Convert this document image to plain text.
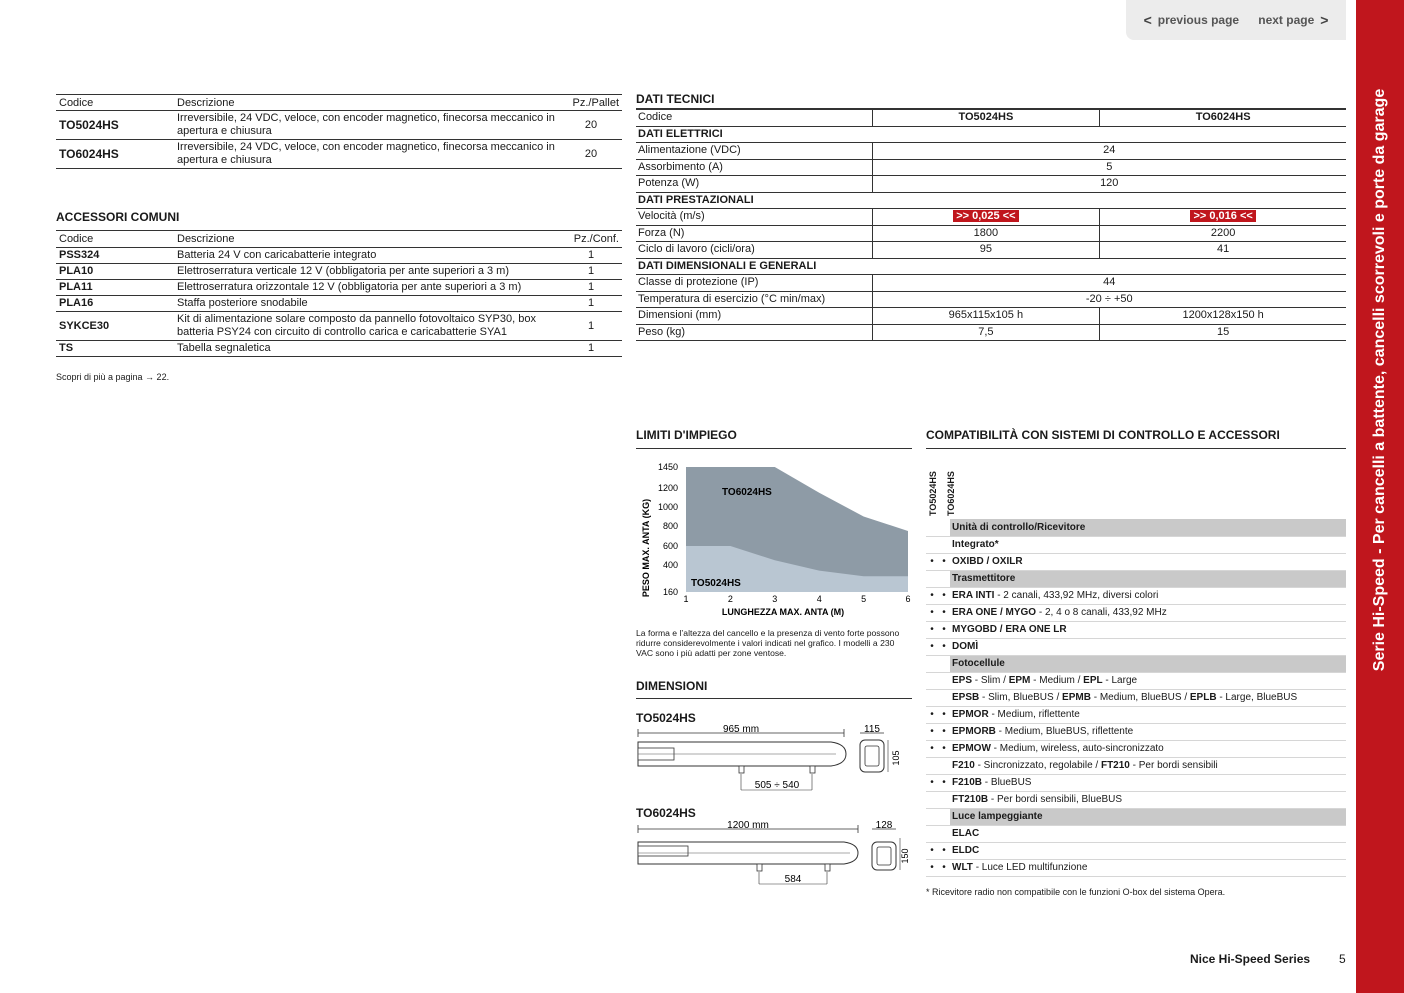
< previous page next page >
Serie Hi-Speed - Per cancelli a battente, cancelli scorrevoli e porte da garage
Codice	Descrizione	Pz./Pallet
TO5024HS	Irreversibile, 24 VDC, veloce, con encoder magnetico, finecorsa meccanico in apertura e chiusura	20
TO6024HS	Irreversibile, 24 VDC, veloce, con encoder magnetico, finecorsa meccanico in apertura e chiusura	20
ACCESSORI COMUNI
Codice	Descrizione	Pz./Conf.
PSS324	Batteria 24 V con caricabatterie integrato	1
PLA10	Elettroserratura verticale 12 V (obbligatoria per ante superiori a 3 m)	1
PLA11	Elettroserratura orizzontale 12 V (obbligatoria per ante superiori a 3 m)	1
PLA16	Staffa posteriore snodabile	1
SYKCE30	Kit di alimentazione solare composto da pannello fotovoltaico SYP30, box batteria PSY24 con circuito di controllo carica e caricabatterie SYA1	1
TS	Tabella segnaletica	1
Scopri di più a pagina → 22.
DATI TECNICI
Codice	TO5024HS	TO6024HS
DATI ELETTRICI		
Alimentazione (VDC)	24	
Assorbimento (A)	5	
Potenza (W)	120	
DATI PRESTAZIONALI		
Velocità (m/s)	>> 0,025 <<	>> 0,016 <<
Forza (N)	1800	2200
Ciclo di lavoro (cicli/ora)	95	41
DATI DIMENSIONALI E GENERALI		
Classe di protezione (IP)	44	
Temperatura di esercizio (°C min/max)	-20 ÷ +50	
Dimensioni (mm)	965x115x105 h	1200x128x150 h
Peso (kg)	7,5	15
LIMITI D'IMPIEGO
1450
1200
1000
800
600
400
160
1	2	3	4	5	6
PESO MAX. ANTA (KG)
LUNGHEZZA MAX. ANTA (M)
TO6024HS
TO5024HS
La forma e l’altezza del cancello e la presenza di vento forte possono ridurre considerevolmente i valori indicati nel grafico. I modelli a 230 VAC sono i più adatti per zone ventose.
DIMENSIONI
TO5024HS
965 mm	115
105
505 ÷ 540
TO6024HS
1200 mm	128
150
584
COMPATIBILITÀ CON SISTEMI DI CONTROLLO E ACCESSORI
TO5024HS TO6024HS
		Unità di controllo/Ricevitore
		Integrato*
•	•	OXIBD / OXILR
		Trasmettitore
•	•	ERA INTI - 2 canali, 433,92 MHz, diversi colori
•	•	ERA ONE / MYGO - 2, 4 o 8 canali, 433,92 MHz
•	•	MYGOBD / ERA ONE LR
•	•	DOMÌ
		Fotocellule
		EPS - Slim / EPM - Medium / EPL - Large
		EPSB - Slim, BlueBUS / EPMB - Medium, BlueBUS / EPLB - Large, BlueBUS
•	•	EPMOR - Medium, riflettente
•	•	EPMORB - Medium, BlueBUS, riflettente
•	•	EPMOW - Medium, wireless, auto-sincronizzato
		F210 - Sincronizzato, regolabile / FT210 - Per bordi sensibili
•	•	F210B - BlueBUS
		FT210B - Per bordi sensibili, BlueBUS
		Luce lampeggiante
		ELAC
•	•	ELDC
•	•	WLT - Luce LED multifunzione
* Ricevitore radio non compatibile con le funzioni O-box del sistema Opera.
Nice Hi-Speed Series 5
